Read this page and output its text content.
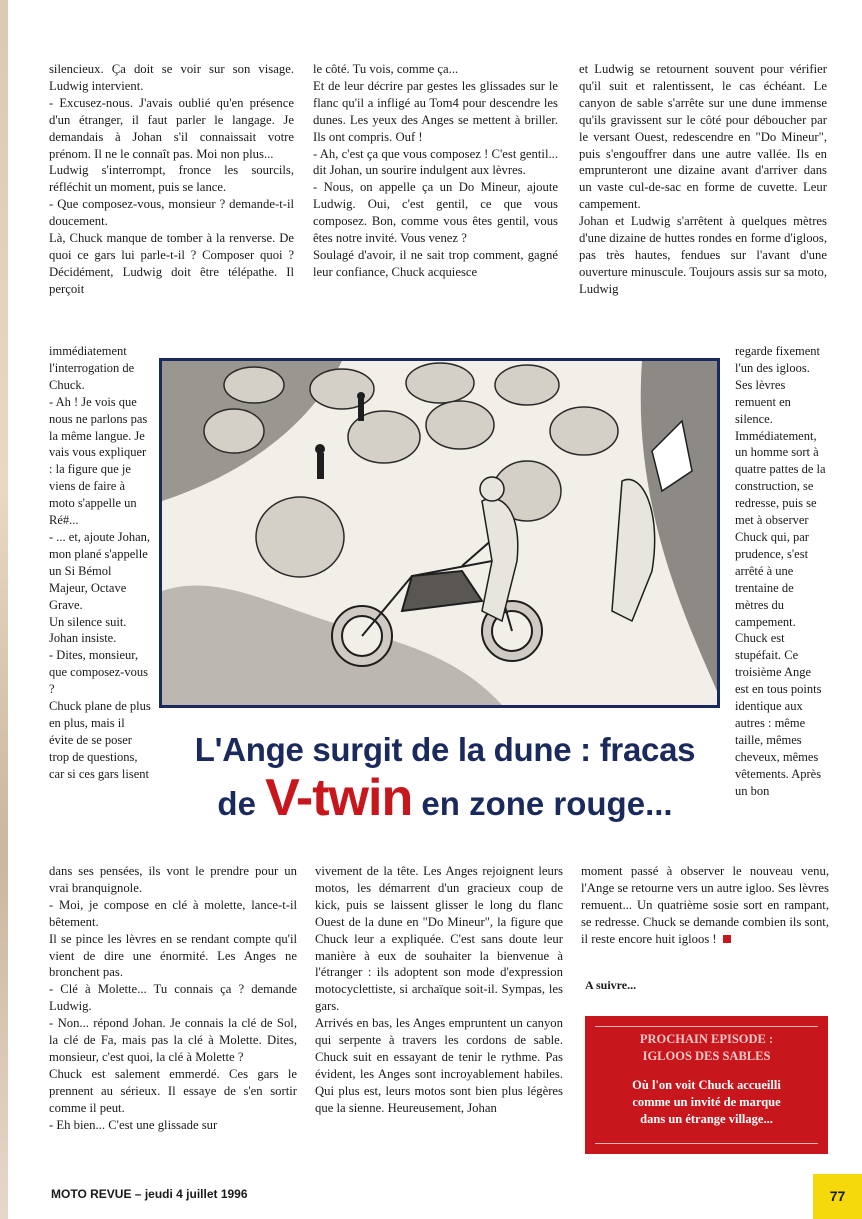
silencieux. Ça doit se voir sur son visage. Ludwig intervient.

- Excusez-nous. J'avais oublié qu'en présence d'un étranger, il faut parler le langage. Je demandais à Johan s'il connaissait votre prénom. Il ne le connaît pas. Moi non plus...

Ludwig s'interrompt, fronce les sourcils, réfléchit un moment, puis se lance.

- Que composez-vous, monsieur ? demande-t-il doucement.

Là, Chuck manque de tomber à la renverse. De quoi ce gars lui parle-t-il ? Composer quoi ? Décidément, Ludwig doit être télépathe. Il perçoit

immédiatement l'interrogation de Chuck.

- Ah ! Je vois que nous ne parlons pas la même langue. Je vais vous expliquer : la figure que je viens de faire à moto s'appelle un Ré#...

- ... et, ajoute Johan, mon plané s'appelle un Si Bémol Majeur, Octave Grave.

Un silence suit. Johan insiste.

- Dites, monsieur, que composez-vous ?

Chuck plane de plus en plus, mais il évite de se poser trop de questions, car si ces gars lisent

le côté. Tu vois, comme ça...

Et de leur décrire par gestes les glissades sur le flanc qu'il a infligé au Tom4 pour descendre les dunes. Les yeux des Anges se mettent à briller. Ils ont compris. Ouf !

- Ah, c'est ça que vous composez ! C'est gentil... dit Johan, un sourire indulgent aux lèvres.

- Nous, on appelle ça un Do Mineur, ajoute Ludwig. Oui, c'est gentil, ce que vous composez. Bon, comme vous êtes gentil, vous êtes notre invité. Vous venez ?

Soulagé d'avoir, il ne sait trop comment, gagné leur confiance, Chuck acquiesce

et Ludwig se retournent souvent pour vérifier qu'il suit et ralentissent, le cas échéant. Le canyon de sable s'arrête sur une dune immense qu'ils gravissent sur le côté pour déboucher par le versant Ouest, redescendre en "Do Mineur", puis s'engouffrer dans une autre vallée. Ils en emprunteront une dizaine avant d'arriver dans un vaste cul-de-sac en forme de cuvette. Leur campement.

Johan et Ludwig s'arrêtent à quelques mètres d'une dizaine de huttes rondes en forme d'igloos, pas très hautes, fendues sur l'avant d'une ouverture minuscule. Toujours assis sur sa moto, Ludwig

regarde fixement l'un des igloos. Ses lèvres remuent en silence. Immédiatement, un homme sort à quatre pattes de la construction, se redresse, puis se met à observer Chuck qui, par prudence, s'est arrêté à une trentaine de mètres du campement. Chuck est stupéfait. Ce troisième Ange est en tous points identique aux autres : même taille, mêmes cheveux, mêmes vêtements. Après un bon

L'Ange surgit de la dune : fracas
de V-twin en zone rouge...

dans ses pensées, ils vont le prendre pour un vrai branquignole.

- Moi, je compose en clé à molette, lance-t-il bêtement.

Il se pince les lèvres en se rendant compte qu'il vient de dire une énormité. Les Anges ne bronchent pas.

- Clé à Molette... Tu connais ça ? demande Ludwig.

- Non... répond Johan. Je connais la clé de Sol, la clé de Fa, mais pas la clé à Molette. Dites, monsieur, c'est quoi, la clé à Molette ?

Chuck est salement emmerdé. Ces gars le prennent au sérieux. Il essaye de s'en sortir comme il peut.

- Eh bien... C'est une glissade sur

vivement de la tête. Les Anges rejoignent leurs motos, les démarrent d'un gracieux coup de kick, puis se laissent glisser le long du flanc Ouest de la dune en "Do Mineur", la figure que Chuck leur a expliquée. C'est sans doute leur manière à eux de souhaiter la bienvenue à l'étranger : ils adoptent son mode d'expression motocyclettiste, si archaïque soit-il. Sympas, les gars.

Arrivés en bas, les Anges empruntent un canyon qui serpente à travers les cordons de sable. Chuck suit en essayant de tenir le rythme. Pas évident, les Anges sont incroyablement habiles. Qui plus est, leurs motos sont bien plus légères que la sienne. Heureusement, Johan

moment passé à observer le nouveau venu, l'Ange se retourne vers un autre igloo. Ses lèvres remuent... Un quatrième sosie sort en rampant, se redresse. Chuck se demande combien ils sont, il reste encore huit igloos !

A suivre...
PROCHAIN EPISODE :
IGLOOS DES SABLES
Où l'on voit Chuck accueilli
comme un invité de marque
dans un étrange village...
MOTO REVUE – jeudi 4 juillet 1996	77
